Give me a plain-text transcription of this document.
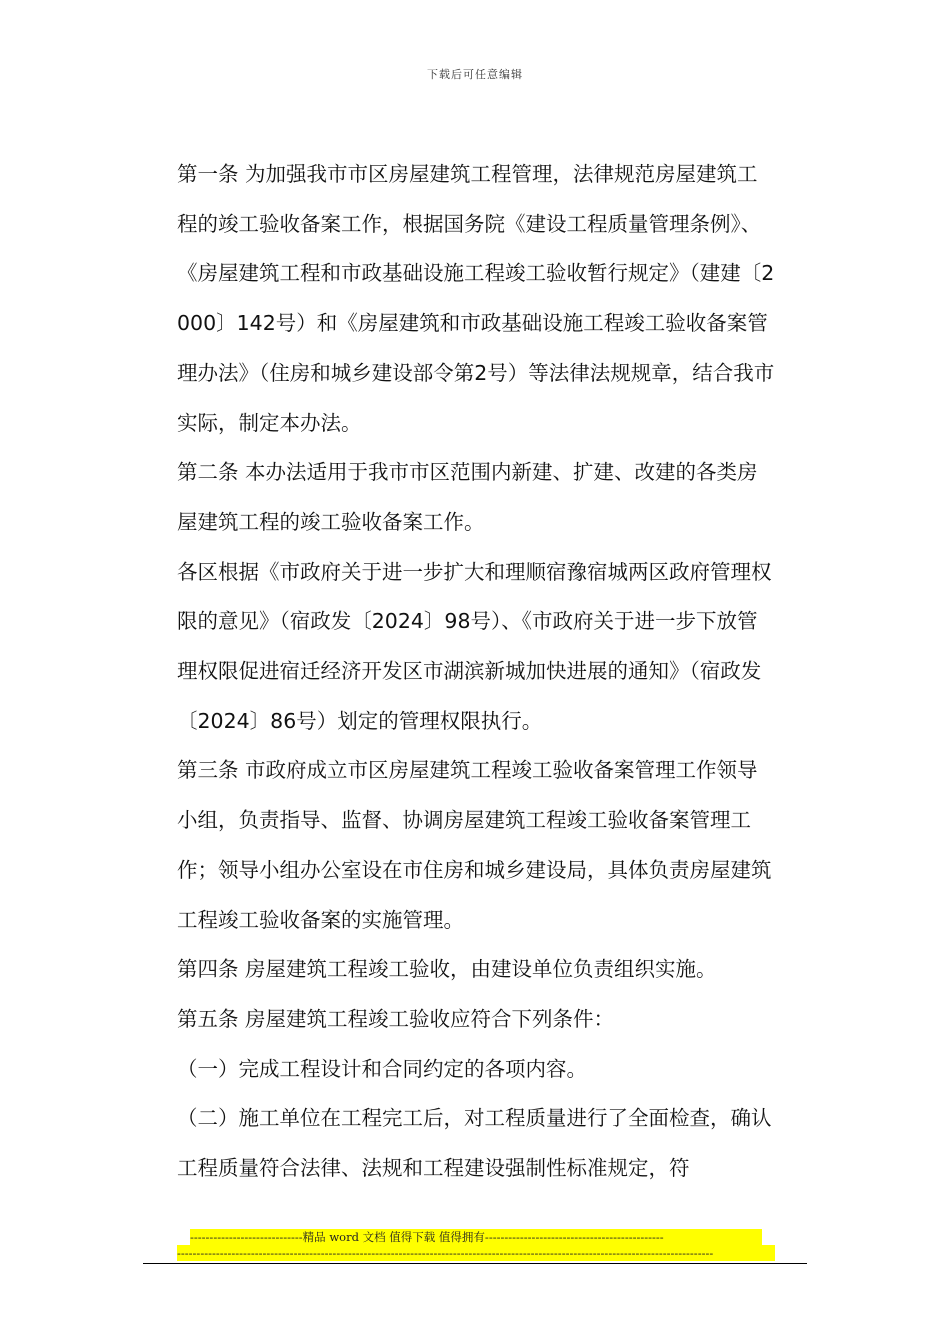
下载后可任意编辑

第一条 为加强我市市区房屋建筑工程管理，法律规范房屋建筑工程的竣工验收备案工作，根据国务院《建设工程质量管理条例》、《房屋建筑工程和市政基础设施工程竣工验收暂行规定》（建建〔2000〕142号）和《房屋建筑和市政基础设施工程竣工验收备案管理办法》（住房和城乡建设部令第2号）等法律法规规章，结合我市实际，制定本办法。

第二条 本办法适用于我市市区范围内新建、扩建、改建的各类房屋建筑工程的竣工验收备案工作。

各区根据《市政府关于进一步扩大和理顺宿豫宿城两区政府管理权限的意见》（宿政发〔2024〕98号）、《市政府关于进一步下放管理权限促进宿迁经济开发区市湖滨新城加快进展的通知》（宿政发〔2024〕86号）划定的管理权限执行。

第三条 市政府成立市区房屋建筑工程竣工验收备案管理工作领导小组，负责指导、监督、协调房屋建筑工程竣工验收备案管理工作；领导小组办公室设在市住房和城乡建设局，具体负责房屋建筑工程竣工验收备案的实施管理。

第四条 房屋建筑工程竣工验收，由建设单位负责组织实施。

第五条 房屋建筑工程竣工验收应符合下列条件：

（一）完成工程设计和合同约定的各项内容。

（二）施工单位在工程完工后，对工程质量进行了全面检查，确认工程质量符合法律、法规和工程建设强制性标准规定，符

-----------------------------精品 word 文档 值得下载 值得拥有----------------------------------------------
------------------------------------------------------------------------------------------------------------------------------------------
